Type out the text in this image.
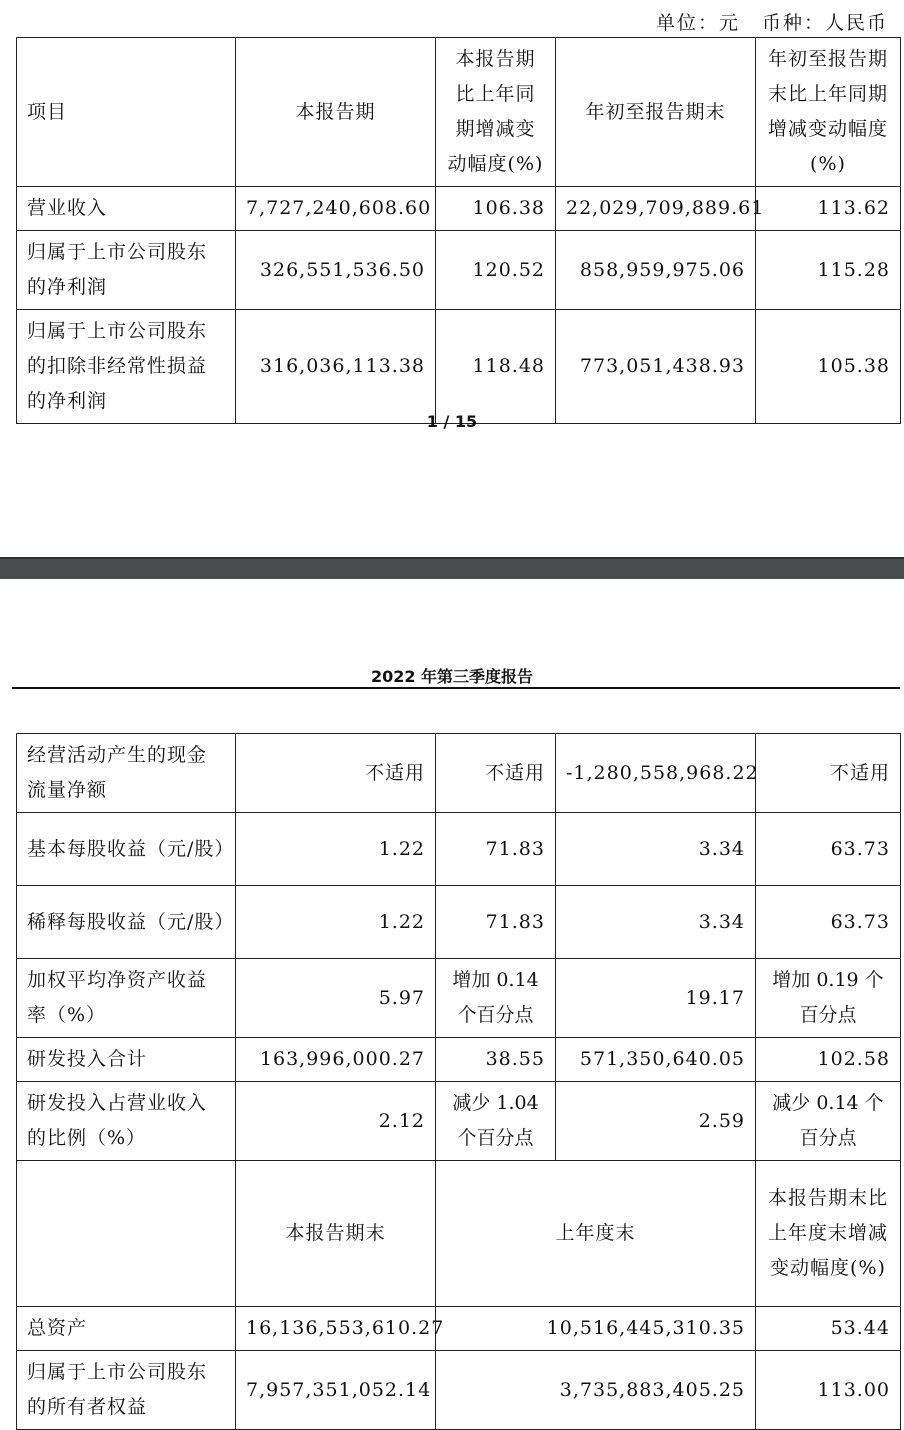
单位：元 币种：人民币
项目	本报告期	本报告期比上年同期增减变动幅度(%)	年初至报告期末	年初至报告期末比上年同期增减变动幅度(%)
营业收入	7,727,240,608.60	106.38	22,029,709,889.61	113.62
归属于上市公司股东的净利润	326,551,536.50	120.52	858,959,975.06	115.28
归属于上市公司股东的扣除非经常性损益的净利润	316,036,113.38	118.48	773,051,438.93	105.38
1 / 15
2022 年第三季度报告
经营活动产生的现金流量净额	不适用	不适用	-1,280,558,968.22	不适用
基本每股收益（元/股）	1.22	71.83	3.34	63.73
稀释每股收益（元/股）	1.22	71.83	3.34	63.73
加权平均净资产收益率（%）	5.97	增加 0.14 个百分点	19.17	增加 0.19 个百分点
研发投入合计	163,996,000.27	38.55	571,350,640.05	102.58
研发投入占营业收入的比例（%）	2.12	减少 1.04 个百分点	2.59	减少 0.14 个百分点
	本报告期末	上年度末		本报告期末比上年度末增减变动幅度(%)
总资产	16,136,553,610.27	10,516,445,310.35		53.44
归属于上市公司股东的所有者权益	7,957,351,052.14	3,735,883,405.25		113.00
